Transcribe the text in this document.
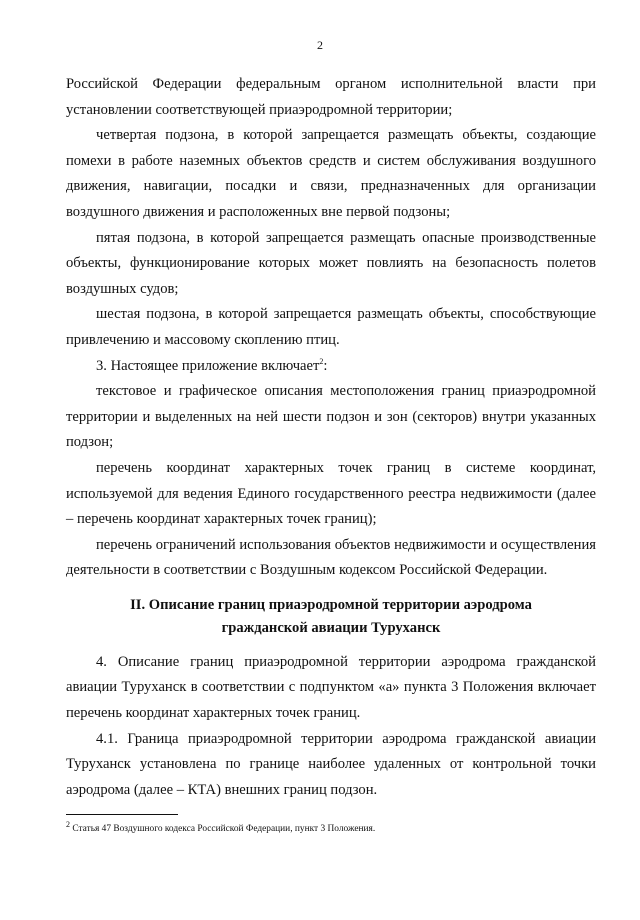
2

Российской Федерации федеральным органом исполнительной власти при установлении соответствующей приаэродромной территории;

четвертая подзона, в которой запрещается размещать объекты, создающие помехи в работе наземных объектов средств и систем обслуживания воздушного движения, навигации, посадки и связи, предназначенных для организации воздушного движения и расположенных вне первой подзоны;

пятая подзона, в которой запрещается размещать опасные производственные объекты, функционирование которых может повлиять на безопасность полетов воздушных судов;

шестая подзона, в которой запрещается размещать объекты, способствующие привлечению и массовому скоплению птиц.

3. Настоящее приложение включает$^2$:

текстовое и графическое описания местоположения границ приаэродромной территории и выделенных на ней шести подзон и зон (секторов) внутри указанных подзон;

перечень координат характерных точек границ в системе координат, используемой для ведения Единого государственного реестра недвижимости (далее – перечень координат характерных точек границ);

перечень ограничений использования объектов недвижимости и осуществления деятельности в соответствии с Воздушным кодексом Российской Федерации.

II. Описание границ приаэродромной территории аэродрома
гражданской авиации Туруханск

4. Описание границ приаэродромной территории аэродрома гражданской авиации Туруханск в соответствии с подпунктом «а» пункта 3 Положения включает перечень координат характерных точек границ.

4.1. Граница приаэродромной территории аэродрома гражданской авиации Туруханск установлена по границе наиболее удаленных от контрольной точки аэродрома (далее – КТА) внешних границ подзон.

$^2$ Статья 47 Воздушного кодекса Российской Федерации, пункт 3 Положения.
